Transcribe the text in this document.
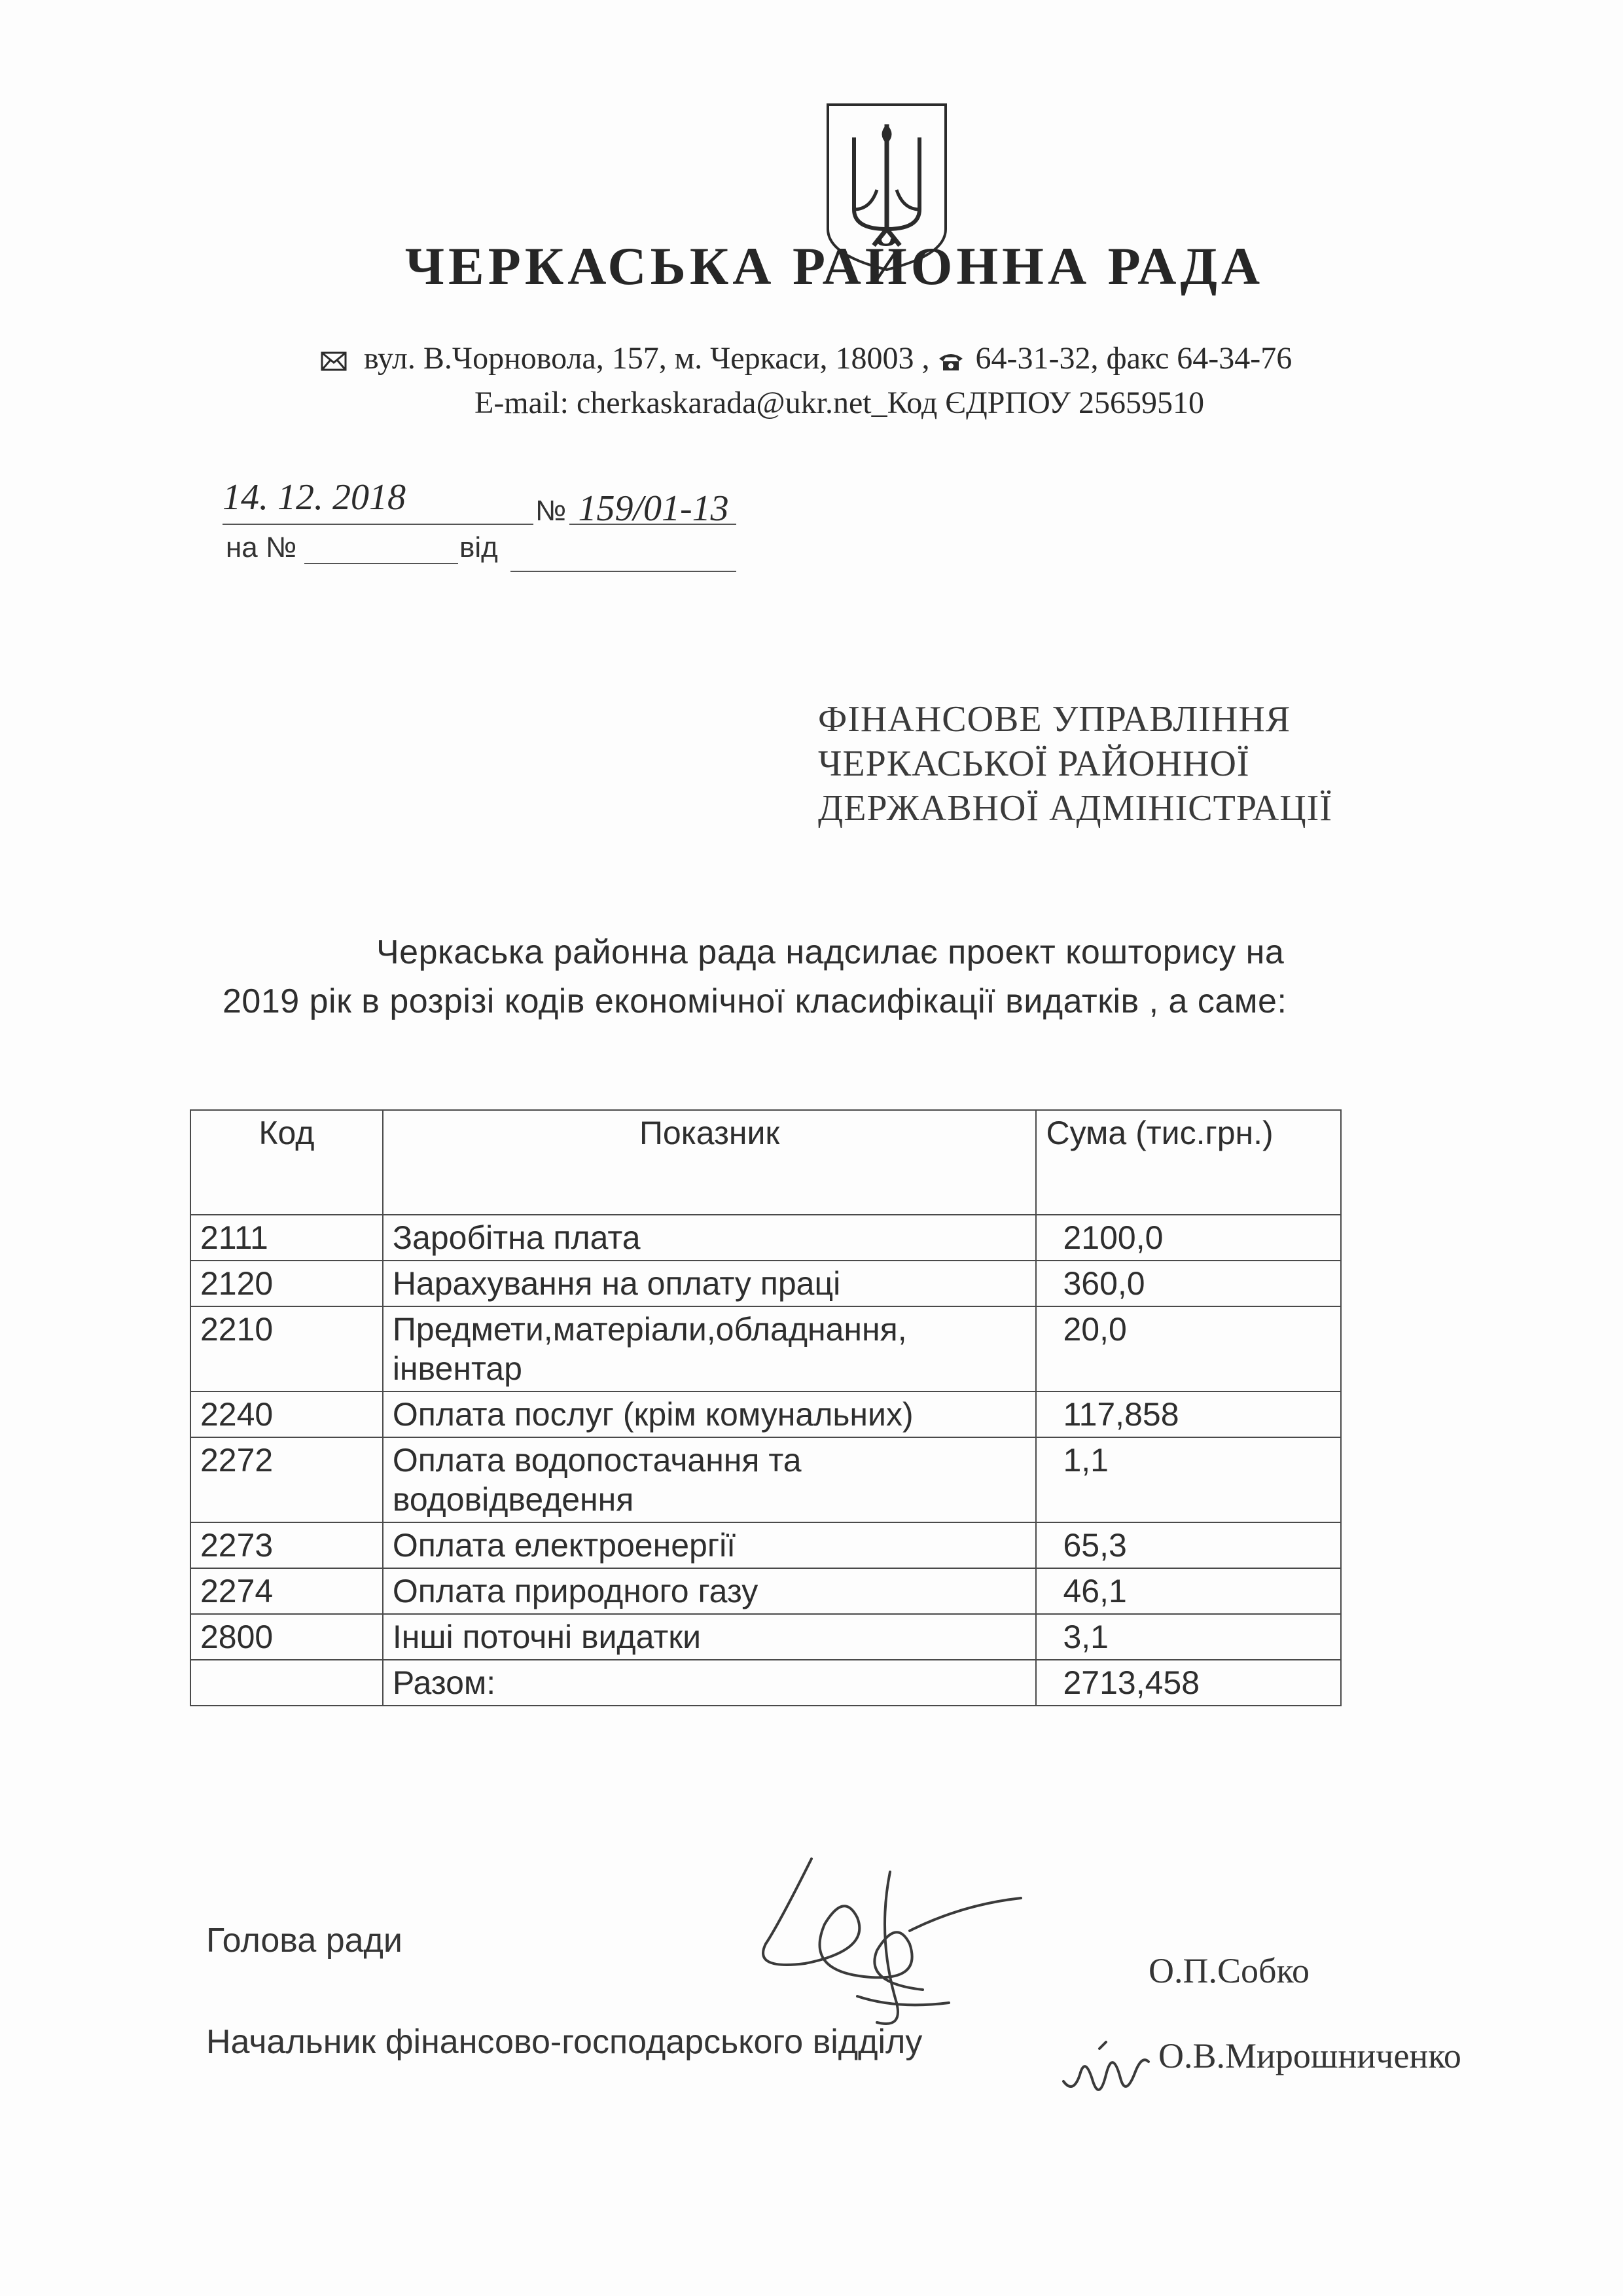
ЧЕРКАСЬКА РАЙОННА РАДА
вул. В.Чорновола, 157, м. Черкаси, 18003 , 64-31-32, факс 64-34-76
E-mail: cherkaskarada@ukr.net_Код ЄДРПОУ 25659510
14. 12. 2018	№ 159/01-13
на №	від
ФІНАНСОВЕ УПРАВЛІННЯ
ЧЕРКАСЬКОЇ РАЙОННОЇ
ДЕРЖАВНОЇ АДМІНІСТРАЦІЇ
Черкаська районна рада надсилає проект кошторису на
2019 рік в розрізі кодів економічної класифікації видатків , а саме:
Код	Показник	Сума (тис.грн.)
2111	Заробітна плата	2100,0
2120	Нарахування на оплату праці	360,0
2210	Предмети,матеріали,обладнання, інвентар	20,0
2240	Оплата послуг (крім комунальних)	117,858
2272	Оплата водопостачання та водовідведення	1,1
2273	Оплата електроенергії	65,3
2274	Оплата природного газу	46,1
2800	Інші поточні видатки	3,1
	Разом:	2713,458
Голова ради
О.П.Собко
Начальник фінансово-господарського відділу	О.В.Мирошниченко
